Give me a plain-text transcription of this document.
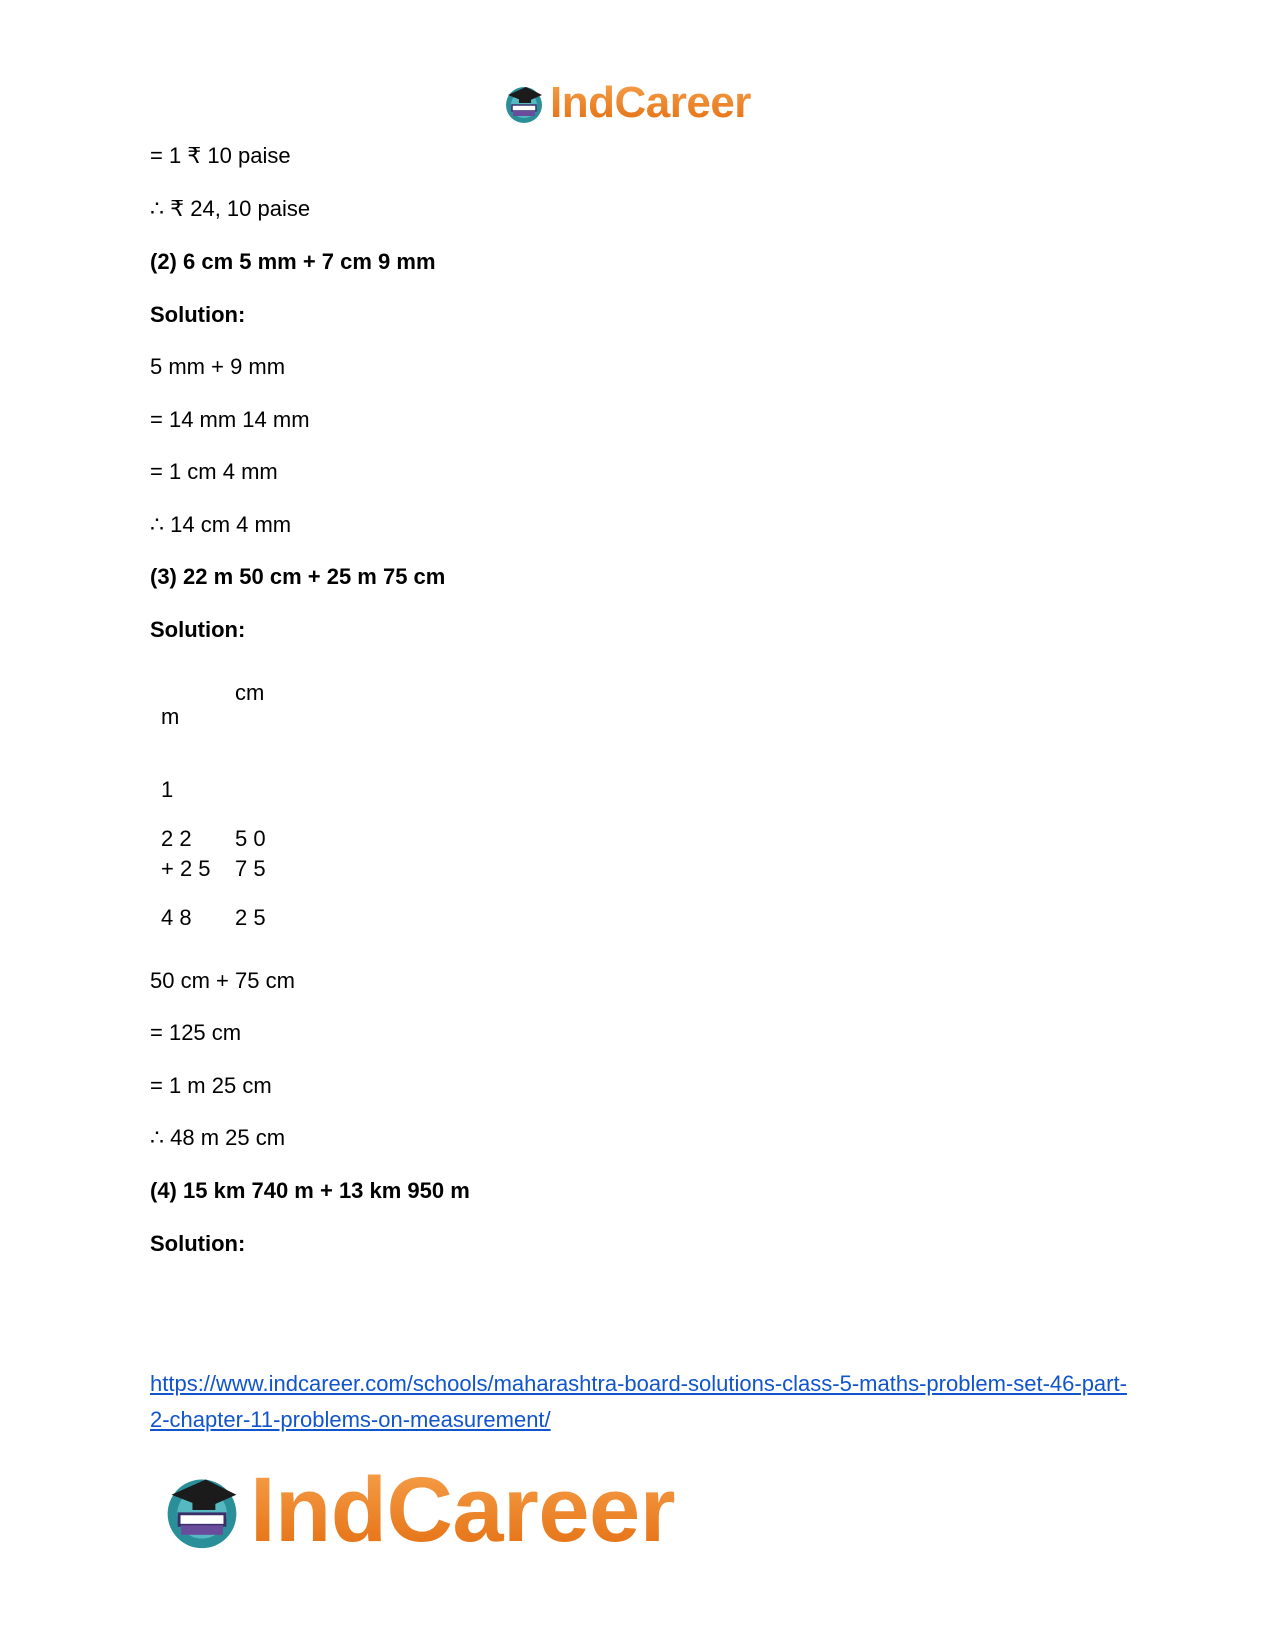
IndCareer
= 1 ₹ 10 paise
∴ ₹ 24, 10 paise
(2) 6 cm 5 mm + 7 cm 9 mm
Solution:
5 mm + 9 mm
= 14 mm 14 mm
= 1 cm 4 mm
∴ 14 cm 4 mm
(3) 22 m 50 cm + 25 m 75 cm
Solution:
cm
m
1
2 2 5 0
+ 2 5 7 5
4 8 2 5
50 cm + 75 cm
= 125 cm
= 1 m 25 cm
∴ 48 m 25 cm
(4) 15 km 740 m + 13 km 950 m
Solution:
https://www.indcareer.com/schools/maharashtra-board-solutions-class-5-maths-problem-set-46-part-2-chapter-11-problems-on-measurement/
IndCareer
